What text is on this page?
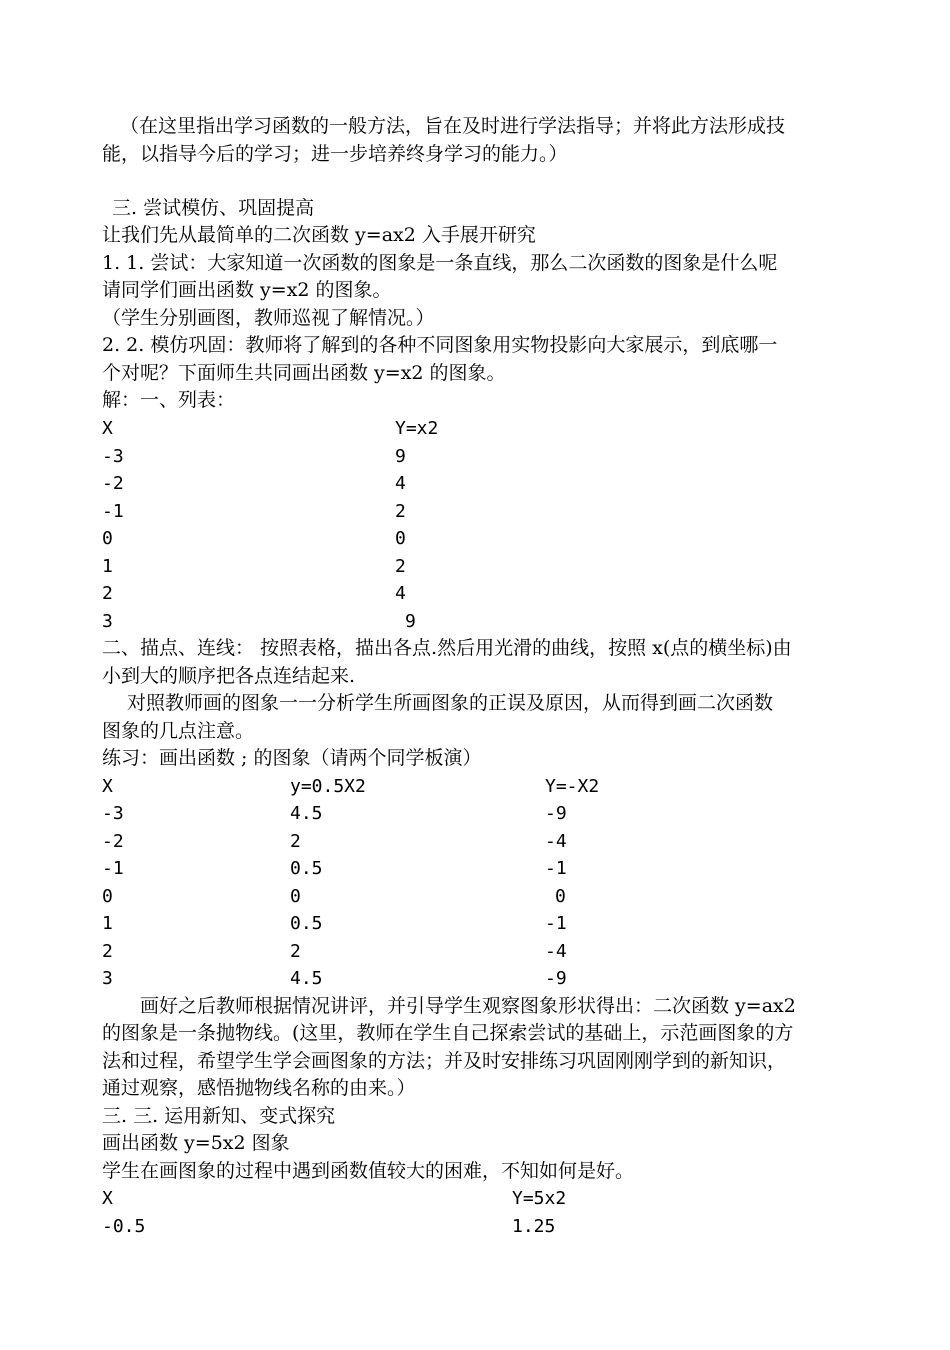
（在这里指出学习函数的一般方法，旨在及时进行学法指导；并将此方法形成技
能，以指导今后的学习；进一步培养终身学习的能力。）
三. 尝试模仿、巩固提高
让我们先从最简单的二次函数 y=ax2 入手展开研究
1. 1. 尝试：大家知道一次函数的图象是一条直线，那么二次函数的图象是什么呢
请同学们画出函数 y=x2 的图象。
（学生分别画图，教师巡视了解情况。）
2. 2. 模仿巩固：教师将了解到的各种不同图象用实物投影向大家展示，到底哪一
个对呢？下面师生共同画出函数 y=x2 的图象。
解：一、列表：
X	Y=x2
-3	9
-2	4
-1	2
0	0
1	2
2	4
3	9
二、描点、连线： 按照表格，描出各点.然后用光滑的曲线，按照 x(点的横坐标)由
小到大的顺序把各点连结起来.
　 对照教师画的图象一一分析学生所画图象的正误及原因，从而得到画二次函数
图象的几点注意。
练习：画出函数 ; 的图象（请两个同学板演）
X	y=0.5X2	Y=-X2
-3	4.5	-9
-2	2	-4
-1	0.5	-1
0	0	0
1	0.5	-1
2	2	-4
3	4.5	-9
　　画好之后教师根据情况讲评，并引导学生观察图象形状得出：二次函数 y=ax2
的图象是一条抛物线。(这里，教师在学生自己探索尝试的基础上，示范画图象的方
法和过程，希望学生学会画图象的方法；并及时安排练习巩固刚刚学到的新知识，
通过观察，感悟抛物线名称的由来。）
三. 三. 运用新知、变式探究
画出函数 y=5x2 图象
学生在画图象的过程中遇到函数值较大的困难，不知如何是好。
X	Y=5x2
-0.5	1.25
